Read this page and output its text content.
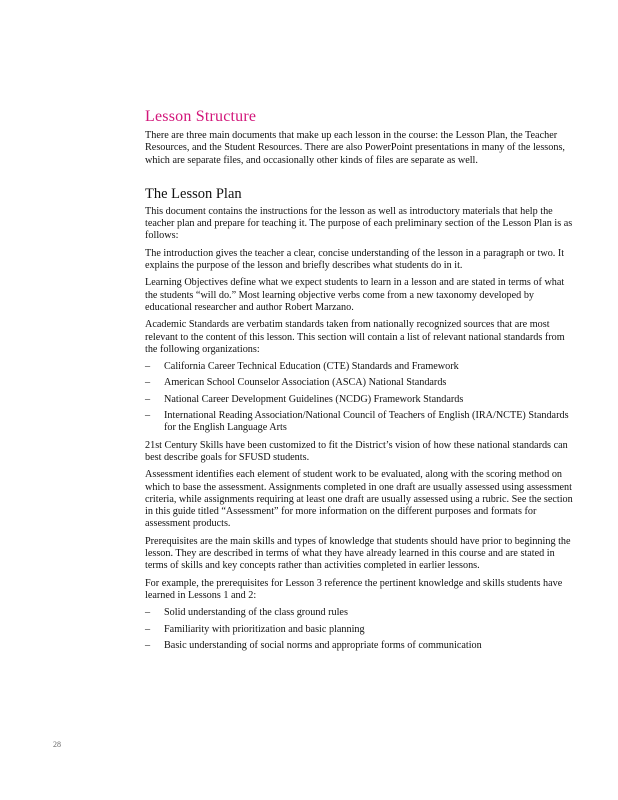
Lesson Structure

There are three main documents that make up each lesson in the course: the Lesson Plan, the Teacher Resources, and the Student Resources. There are also PowerPoint presentations in many of the lessons, which are separate files, and occasionally other kinds of files are separate as well.

The Lesson Plan

This document contains the instructions for the lesson as well as introductory materials that help the teacher plan and prepare for teaching it. The purpose of each preliminary section of the Lesson Plan is as follows:

The introduction gives the teacher a clear, concise understanding of the lesson in a paragraph or two. It explains the purpose of the lesson and briefly describes what students do in it.

Learning Objectives define what we expect students to learn in a lesson and are stated in terms of what the students “will do.” Most learning objective verbs come from a new taxonomy developed by educational researcher and author Robert Marzano.

Academic Standards are verbatim standards taken from nationally recognized sources that are most relevant to the content of this lesson. This section will contain a list of relevant national standards from the following organizations:

– California Career Technical Education (CTE) Standards and Framework
– American School Counselor Association (ASCA) National Standards
– National Career Development Guidelines (NCDG) Framework Standards
– International Reading Association/National Council of Teachers of English (IRA/NCTE) Standards for the English Language Arts

21st Century Skills have been customized to fit the District’s vision of how these national standards can best describe goals for SFUSD students.

Assessment identifies each element of student work to be evaluated, along with the scoring method on which to base the assessment. Assignments completed in one draft are usually assessed using assessment criteria, while assignments requiring at least one draft are usually assessed using a rubric. See the section in this guide titled “Assessment” for more information on the different purposes and formats for assessment products.

Prerequisites are the main skills and types of knowledge that students should have prior to beginning the lesson. They are described in terms of what they have already learned in this course and are stated in terms of skills and key concepts rather than activities completed in earlier lessons.

For example, the prerequisites for Lesson 3 reference the pertinent knowledge and skills students have learned in Lessons 1 and 2:

– Solid understanding of the class ground rules
– Familiarity with prioritization and basic planning
– Basic understanding of social norms and appropriate forms of communication
28
